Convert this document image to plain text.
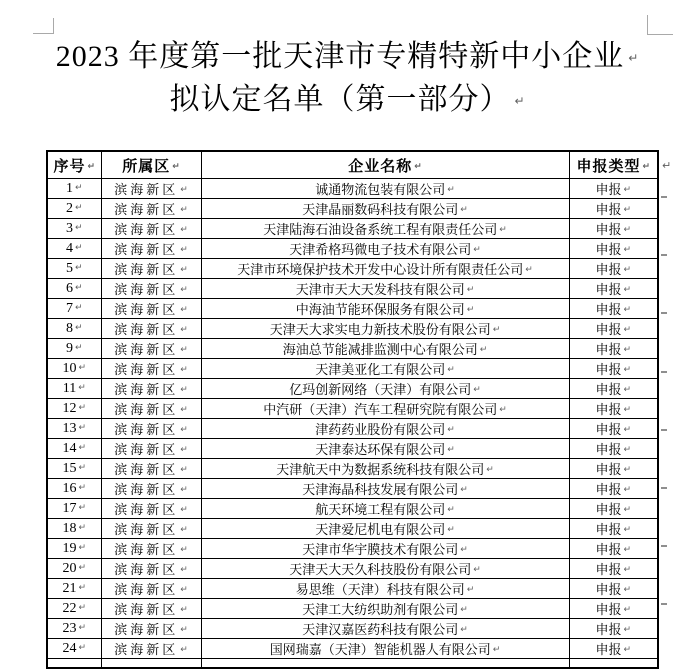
2023 年度第一批天津市专精特新中小企业 ↵
拟认定名单（第一部分） ↵
序号 ↵	所属区 ↵	企业名称 ↵	申报类型 ↵
1 ↵	滨海新区 ↵	诚通物流包装有限公司 ↵	申报 ↵
2 ↵	滨海新区 ↵	天津晶丽数码科技有限公司 ↵	申报 ↵
3 ↵	滨海新区 ↵	天津陆海石油设备系统工程有限责任公司 ↵	申报 ↵
4 ↵	滨海新区 ↵	天津希格玛微电子技术有限公司 ↵	申报 ↵
5 ↵	滨海新区 ↵	天津市环境保护技术开发中心设计所有限责任公司 ↵	申报 ↵
6 ↵	滨海新区 ↵	天津市天大天发科技有限公司 ↵	申报 ↵
7 ↵	滨海新区 ↵	中海油节能环保服务有限公司 ↵	申报 ↵
8 ↵	滨海新区 ↵	天津天大求实电力新技术股份有限公司 ↵	申报 ↵
9 ↵	滨海新区 ↵	海油总节能减排监测中心有限公司 ↵	申报 ↵
10 ↵	滨海新区 ↵	天津美亚化工有限公司 ↵	申报 ↵
11 ↵	滨海新区 ↵	亿玛创新网络（天津）有限公司 ↵	申报 ↵
12 ↵	滨海新区 ↵	中汽研（天津）汽车工程研究院有限公司 ↵	申报 ↵
13 ↵	滨海新区 ↵	津药药业股份有限公司 ↵	申报 ↵
14 ↵	滨海新区 ↵	天津泰达环保有限公司 ↵	申报 ↵
15 ↵	滨海新区 ↵	天津航天中为数据系统科技有限公司 ↵	申报 ↵
16 ↵	滨海新区 ↵	天津海晶科技发展有限公司 ↵	申报 ↵
17 ↵	滨海新区 ↵	航天环境工程有限公司 ↵	申报 ↵
18 ↵	滨海新区 ↵	天津爱尼机电有限公司 ↵	申报 ↵
19 ↵	滨海新区 ↵	天津市华宇膜技术有限公司 ↵	申报 ↵
20 ↵	滨海新区 ↵	天津天大天久科技股份有限公司 ↵	申报 ↵
21 ↵	滨海新区 ↵	易思维（天津）科技有限公司 ↵	申报 ↵
22 ↵	滨海新区 ↵	天津工大纺织助剂有限公司 ↵	申报 ↵
23 ↵	滨海新区 ↵	天津汉嘉医药科技有限公司 ↵	申报 ↵
24 ↵	滨海新区 ↵	国网瑞嘉（天津）智能机器人有限公司 ↵	申报 ↵

↵
